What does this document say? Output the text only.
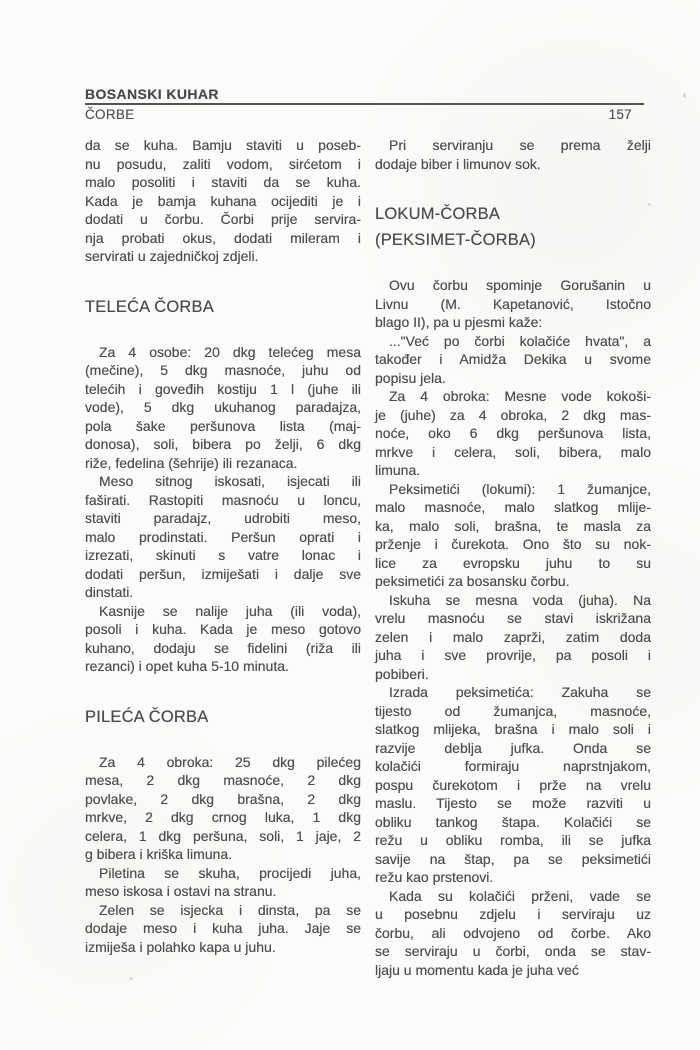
BOSANSKI KUHAR
ČORBE	157
da se kuha. Bamju staviti u poseb-
nu posudu, zaliti vodom, sirćetom i
malo posoliti i staviti da se kuha.
Kada je bamja kuhana ocijediti je i
dodati u čorbu. Čorbi prije servira-
nja probati okus, dodati mileram i
servirati u zajedničkoj zdjeli.
TELEĆA ČORBA
Za 4 osobe: 20 dkg telećeg mesa
(mečine), 5 dkg masnoće, juhu od
telećih i goveđih kostiju 1 l (juhe ili
vode), 5 dkg ukuhanog paradajza,
pola šake peršunova lista (maj-
donosa), soli, bibera po želji, 6 dkg
riže, fedelina (šehrije) ili rezanaca.
Meso sitnog iskosati, isjecati ili
faširati. Rastopiti masnoću u loncu,
staviti paradajz, udrobiti meso,
malo prodinstati. Peršun oprati i
izrezati, skinuti s vatre lonac i
dodati peršun, izmiješati i dalje sve
dinstati.
Kasnije se nalije juha (ili voda),
posoli i kuha. Kada je meso gotovo
kuhano, dodaju se fidelini (riža ili
rezanci) i opet kuha 5-10 minuta.
PILEĆA ČORBA
Za 4 obroka: 25 dkg pilećeg
mesa, 2 dkg masnoće, 2 dkg
povlake, 2 dkg brašna, 2 dkg
mrkve, 2 dkg crnog luka, 1 dkg
celera, 1 dkg peršuna, soli, 1 jaje, 2
g bibera i kriška limuna.
Piletina se skuha, procijedi juha,
meso iskosa i ostavi na stranu.
Zelen se isjecka i dinsta, pa se
dodaje meso i kuha juha. Jaje se
izmiješa i polahko kapa u juhu.
Pri serviranju se prema želji
dodaje biber i limunov sok.
LOKUM-ČORBA
(PEKSIMET-ČORBA)
Ovu čorbu spominje Gorušanin u
Livnu (M. Kapetanović, Istočno
blago II), pa u pjesmi kaže:
..."Već po čorbi kolačiće hvata", a
također i Amidža Dekika u svome
popisu jela.
Za 4 obroka: Mesne vode kokoši-
je (juhe) za 4 obroka, 2 dkg mas-
noće, oko 6 dkg peršunova lista,
mrkve i celera, soli, bibera, malo
limuna.
Peksimetići (lokumi): 1 žumanjce,
malo masnoće, malo slatkog mlije-
ka, malo soli, brašna, te masla za
prženje i čurekota. Ono što su nok-
lice za evropsku juhu to su
peksimetići za bosansku čorbu.
Iskuha se mesna voda (juha). Na
vrelu masnoću se stavi iskrižana
zelen i malo zaprži, zatim doda
juha i sve provrije, pa posoli i
pobiberi.
Izrada peksimetića: Zakuha se
tijesto od žumanjca, masnoće,
slatkog mlijeka, brašna i malo soli i
razvije deblja jufka. Onda se
kolačići formiraju naprstnjakom,
pospu čurekotom i prže na vrelu
maslu. Tijesto se može razviti u
obliku tankog štapa. Kolačići se
režu u obliku romba, ili se jufka
savije na štap, pa se peksimetići
režu kao prstenovi.
Kada su kolačići prženi, vade se
u posebnu zdjelu i serviraju uz
čorbu, ali odvojeno od čorbe. Ako
se serviraju u čorbi, onda se stav-
ljaju u momentu kada je juha već
